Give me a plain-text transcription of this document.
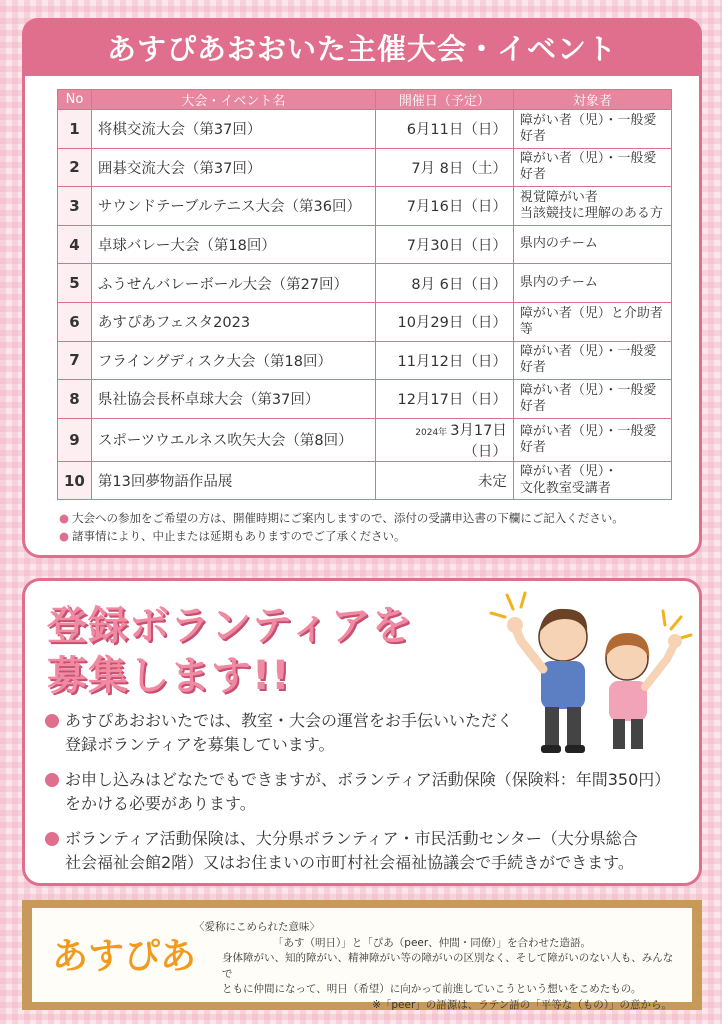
あすぴあおおいた主催大会・イベント
No	大会・イベント名	開催日（予定）	対象者
1	将棋交流大会（第37回）	6月11日（日）	障がい者（児）・一般愛好者

2	囲碁交流大会（第37回）	7月 8日（土）	障がい者（児）・一般愛好者

3	サウンドテーブルテニス大会（第36回）	7月16日（日）	視覚障がい者
当該競技に理解のある方

4	卓球バレー大会（第18回）	7月30日（日）	県内のチーム

5	ふうせんバレーボール大会（第27回）	8月 6日（日）	県内のチーム

6	あすぴあフェスタ2023	10月29日（日）	障がい者（児）と介助者等

7	フライングディスク大会（第18回）	11月12日（日）	障がい者（児）・一般愛好者

8	県社協会長杯卓球大会（第37回）	12月17日（日）	障がい者（児）・一般愛好者

9	スポーツウエルネス吹矢大会（第8回）	2024年 3月17日（日）	障がい者（児）・一般愛好者

10	第13回夢物語作品展	未定	障がい者（児）・
文化教室受講者
● 大会への参加をご希望の方は、開催時期にご案内しますので、添付の受講申込書の下欄にご記入ください。
● 諸事情により、中止または延期もありますのでご了承ください。
登録ボランティアを
募集します!!
あすぴあおおいたでは、教室・大会の運営をお手伝いいただく
登録ボランティアを募集しています。
お申し込みはどなたでもできますが、ボランティア活動保険（保険料：年間350円）
をかける必要があります。
ボランティア活動保険は、大分県ボランティア・市民活動センター（大分県総合
社会福祉会館2階）又はお住まいの市町村社会福祉協議会で手続きができます。
あすぴあ
〈愛称にこめられた意味〉
「あす（明日）」と「ぴあ（peer、仲間・同僚）」を合わせた造語。
身体障がい、知的障がい、精神障がい等の障がいの区別なく、そして障がいのない人も、みんなで
ともに仲間になって、明日（希望）に向かって前進していこうという想いをこめたもの。
※「peer」の語源は、ラテン語の「平等な（もの）」の意から。
